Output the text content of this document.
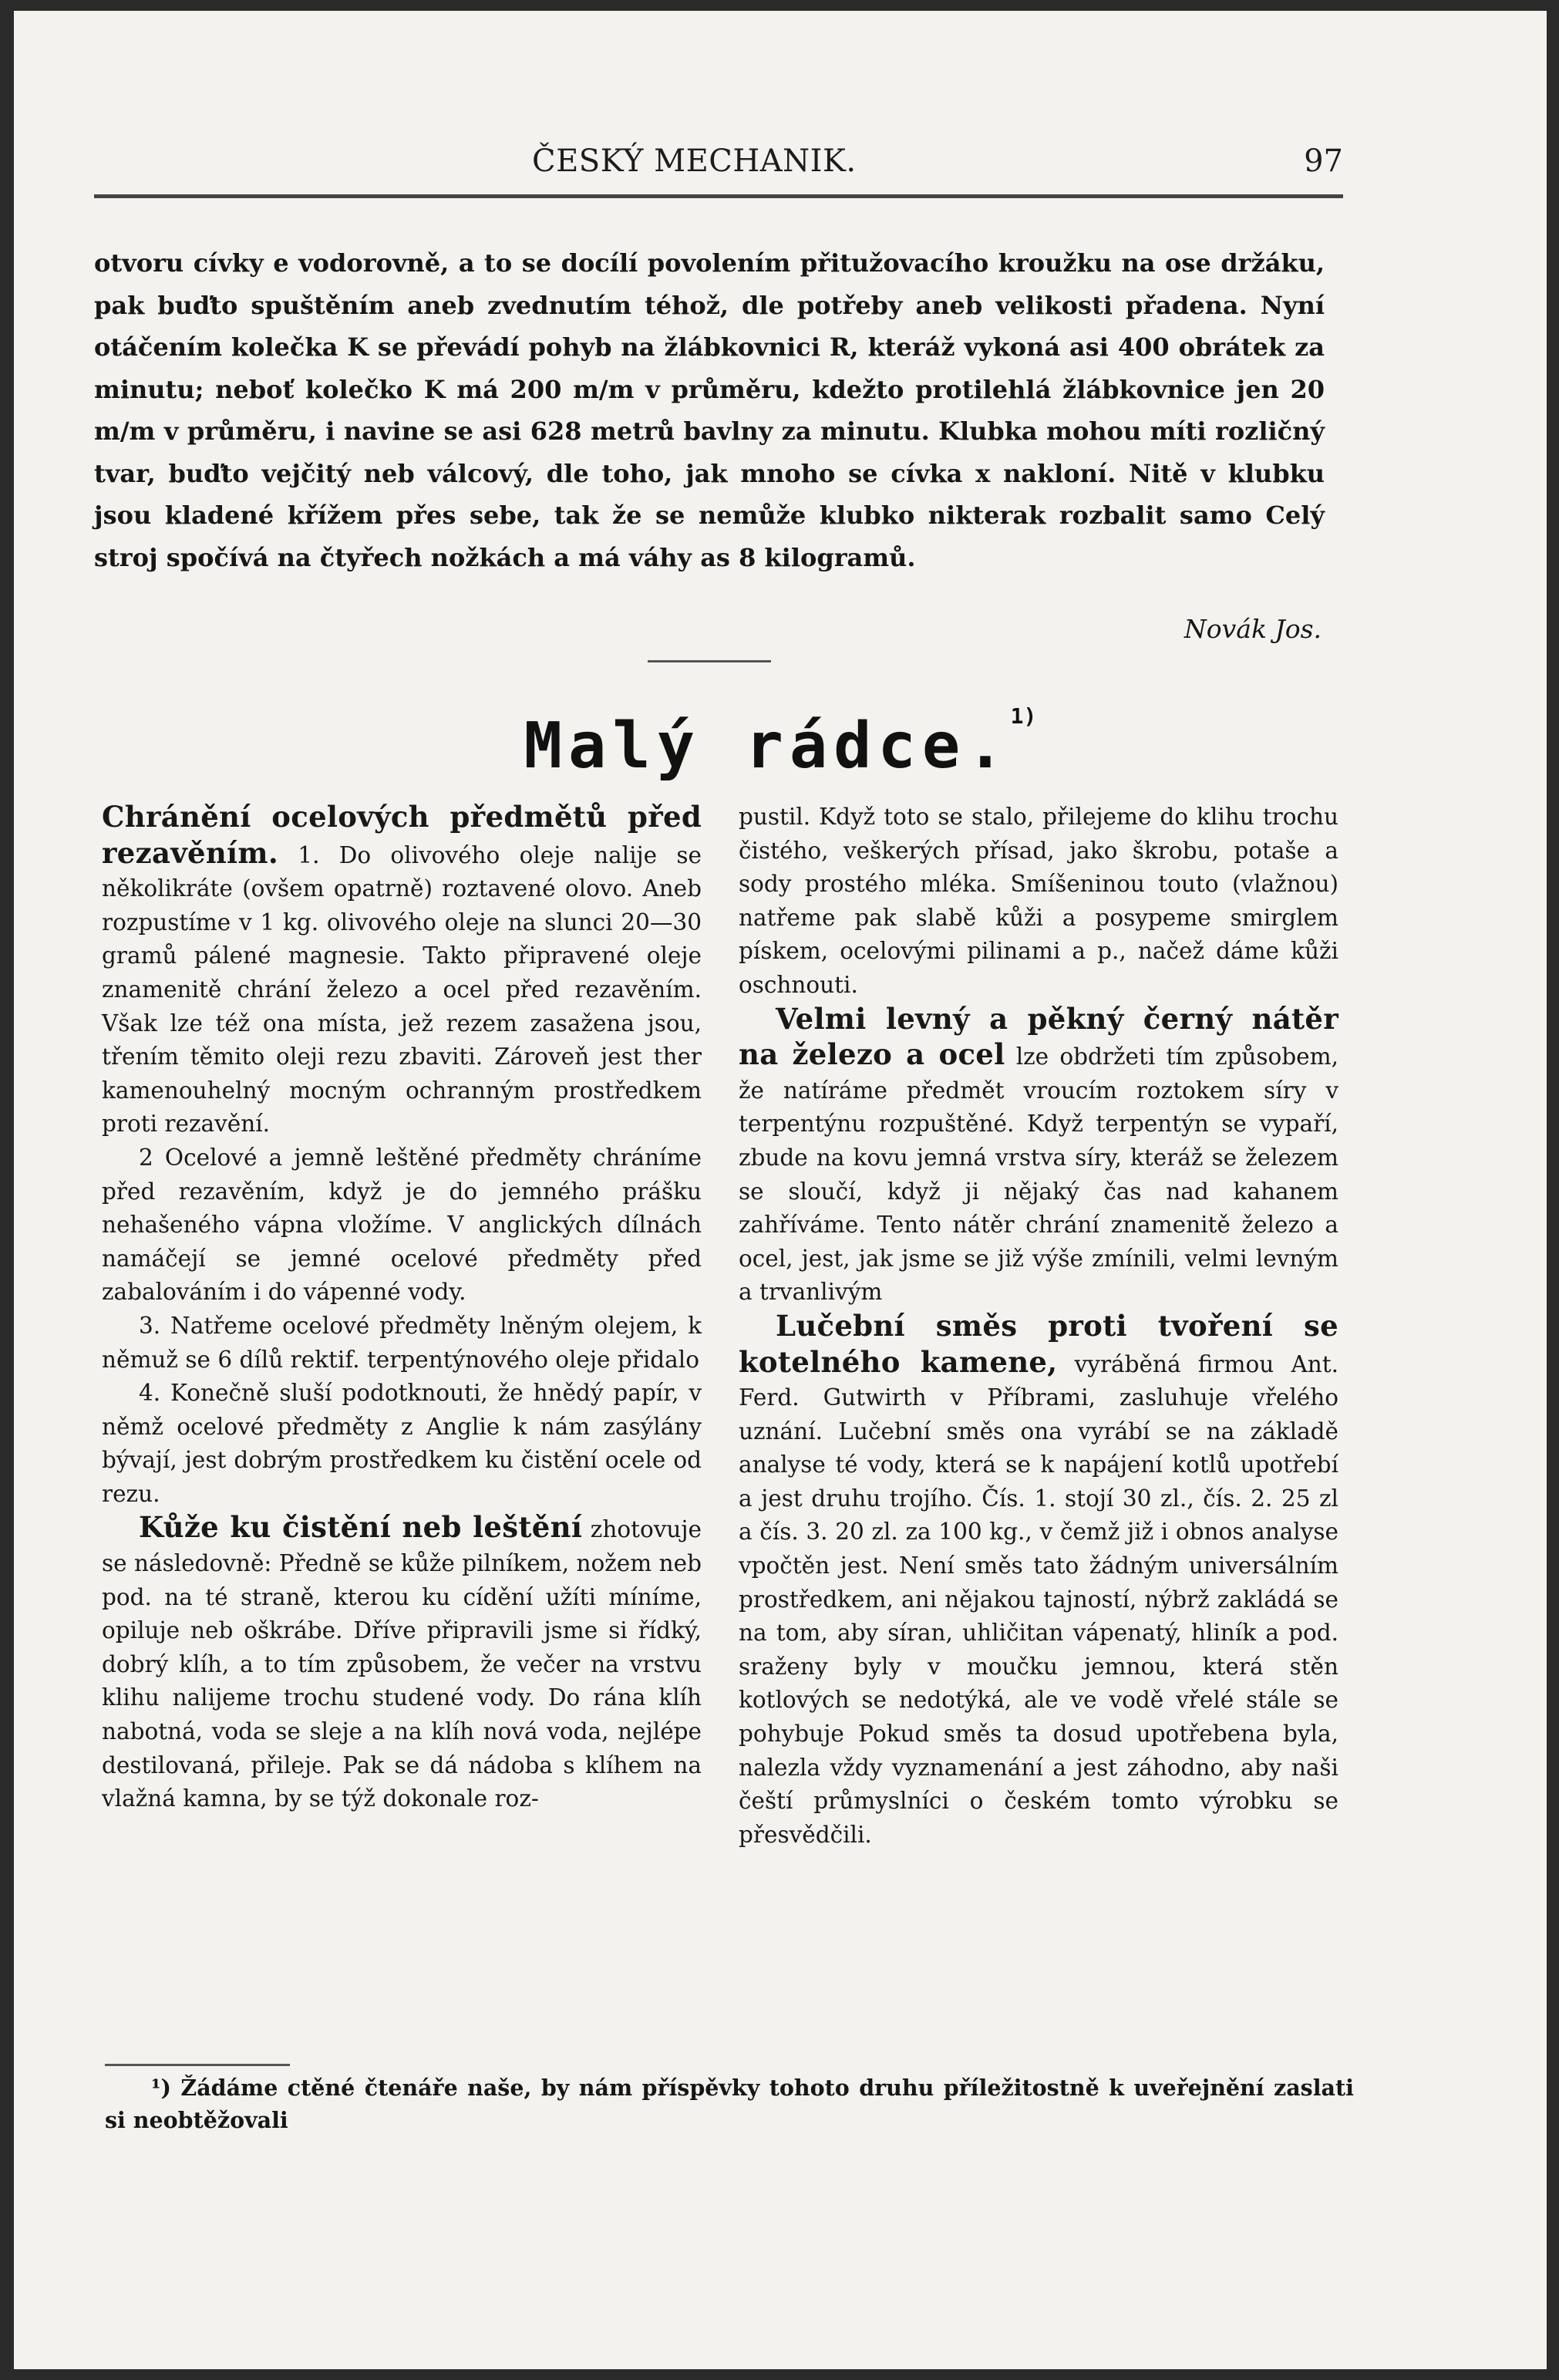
ČESKÝ MECHANIK.	97

otvoru cívky e vodorovně, a to se docílí povolením přitužovacího kroužku na ose držáku, pak buďto spuštěním aneb zvednutím téhož, dle potřeby aneb velikosti přadena. Nyní otáčením kolečka K se převádí pohyb na žlábkovnici R, kteráž vykoná asi 400 obrátek za minutu; neboť kolečko K má 200 m/m v průměru, kdežto protilehlá žlábkovnice jen 20 m/m v průměru, i navine se asi 628 metrů bavlny za minutu. Klubka mohou míti rozličný tvar, buďto vejčitý neb válcový, dle toho, jak mnoho se cívka x nakloní. Nitě v klubku jsou kladené křížem přes sebe, tak že se nemůže klubko nikterak rozbalit samo Celý stroj spočívá na čtyřech nožkách a má váhy as 8 kilogramů.

Novák Jos.
Malý rádce.$^{1)}$

Chránění ocelových předmětů před rezavěním. 1. Do olivového oleje nalije se několikráte (ovšem opatrně) roztavené olovo. Aneb rozpustíme v 1 kg. olivového oleje na slunci 20—30 gramů pálené magnesie. Takto připravené oleje znamenitě chrání železo a ocel před rezavěním. Však lze též ona místa, jež rezem zasažena jsou, třením těmito oleji rezu zbaviti. Zároveň jest ther kamenouhelný mocným ochranným prostředkem proti rezavění.

2 Ocelové a jemně leštěné předměty chráníme před rezavěním, když je do jemného prášku nehašeného vápna vložíme. V anglických dílnách namáčejí se jemné ocelové předměty před zabalováním i do vápenné vody.

3. Natřeme ocelové předměty lněným olejem, k němuž se 6 dílů rektif. terpentýnového oleje přidalo

4. Konečně sluší podotknouti, že hnědý papír, v němž ocelové předměty z Anglie k nám zasýlány bývají, jest dobrým prostředkem ku čistění ocele od rezu.

Kůže ku čistění neb leštění zhotovuje se následovně: Předně se kůže pilníkem, nožem neb pod. na té straně, kterou ku cídění užíti míníme, opiluje neb oškrábe. Dříve připravili jsme si řídký, dobrý klíh, a to tím způsobem, že večer na vrstvu klihu nalijeme trochu studené vody. Do rána klíh nabotná, voda se sleje a na klíh nová voda, nejlépe destilovaná, přileje. Pak se dá nádoba s klíhem na vlažná kamna, by se týž dokonale roz-

pustil. Když toto se stalo, přilejeme do klihu trochu čistého, veškerých přísad, jako škrobu, potaše a sody prostého mléka. Smíšeninou touto (vlažnou) natřeme pak slabě kůži a posypeme smirglem pískem, ocelovými pilinami a p., načež dáme kůži oschnouti.

Velmi levný a pěkný černý nátěr na železo a ocel lze obdržeti tím způsobem, že natíráme předmět vroucím roztokem síry v terpentýnu rozpuštěné. Když terpentýn se vypaří, zbude na kovu jemná vrstva síry, kteráž se železem se sloučí, když ji nějaký čas nad kahanem zahříváme. Tento nátěr chrání znamenitě železo a ocel, jest, jak jsme se již výše zmínili, velmi levným a trvanlivým

Lučební směs proti tvoření se kotelného kamene, vyráběná firmou Ant. Ferd. Gutwirth v Příbrami, zasluhuje vřelého uznání. Lučební směs ona vyrábí se na základě analyse té vody, která se k napájení kotlů upotřebí a jest druhu trojího. Čís. 1. stojí 30 zl., čís. 2. 25 zl a čís. 3. 20 zl. za 100 kg., v čemž již i obnos analyse vpočtěn jest. Není směs tato žádným universálním prostředkem, ani nějakou tajností, nýbrž zakládá se na tom, aby síran, uhličitan vápenatý, hliník a pod. sraženy byly v moučku jemnou, která stěn kotlových se nedotýká, ale ve vodě vřelé stále se pohybuje Pokud směs ta dosud upotřebena byla, nalezla vždy vyznamenání a jest záhodno, aby naši čeští průmyslníci o českém tomto výrobku se přesvědčili.

¹) Žádáme ctěné čtenáře naše, by nám příspěvky tohoto druhu příležitostně k uveřejnění zaslati si neobtěžovali
